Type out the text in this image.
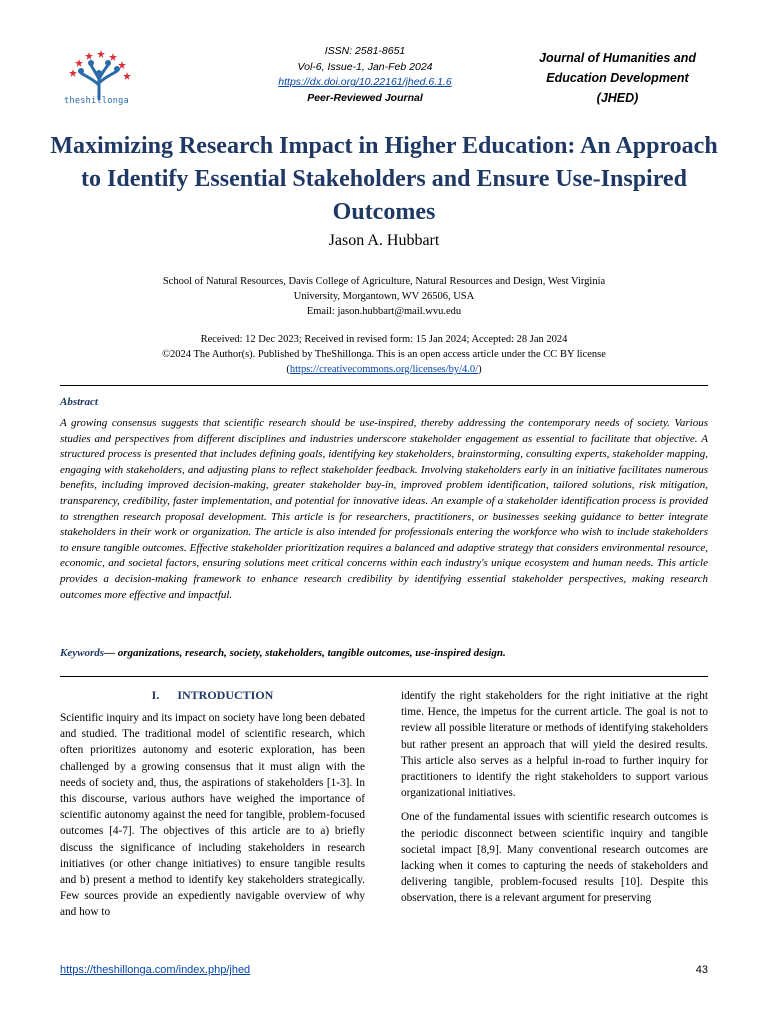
theshillonga
ISSN: 2581-8651
Vol-6, Issue-1, Jan-Feb 2024
https://dx.doi.org/10.22161/jhed.6.1.6
Peer-Reviewed Journal
Journal of Humanities and
Education Development
(JHED)
Maximizing Research Impact in Higher Education: An Approach to Identify Essential Stakeholders and Ensure Use-Inspired Outcomes
Jason A. Hubbart
School of Natural Resources, Davis College of Agriculture, Natural Resources and Design, West Virginia
University, Morgantown, WV 26506, USA
Email: jason.hubbart@mail.wvu.edu
Received: 12 Dec 2023; Received in revised form: 15 Jan 2024; Accepted: 28 Jan 2024
©2024 The Author(s). Published by TheShillonga. This is an open access article under the CC BY license
(https://creativecommons.org/licenses/by/4.0/)
Abstract
A growing consensus suggests that scientific research should be use-inspired, thereby addressing the contemporary needs of society. Various studies and perspectives from different disciplines and industries underscore stakeholder engagement as essential to facilitate that objective. A structured process is presented that includes defining goals, identifying key stakeholders, brainstorming, consulting experts, stakeholder mapping, engaging with stakeholders, and adjusting plans to reflect stakeholder feedback. Involving stakeholders early in an initiative facilitates numerous benefits, including improved decision-making, greater stakeholder buy-in, improved problem identification, tailored solutions, risk mitigation, transparency, credibility, faster implementation, and potential for innovative ideas. An example of a stakeholder identification process is provided to strengthen research proposal development. This article is for researchers, practitioners, or businesses seeking guidance to better integrate stakeholders in their work or organization. The article is also intended for professionals entering the workforce who wish to include stakeholders to ensure tangible outcomes. Effective stakeholder prioritization requires a balanced and adaptive strategy that considers environmental resource, economic, and societal factors, ensuring solutions meet critical concerns within each industry's unique ecosystem and human needs. This article provides a decision-making framework to enhance research credibility by identifying essential stakeholder perspectives, making research outcomes more effective and impactful.
Keywords— organizations, research, society, stakeholders, tangible outcomes, use-inspired design.
I. INTRODUCTION

Scientific inquiry and its impact on society have long been debated and studied. The traditional model of scientific research, which often prioritizes autonomy and esoteric exploration, has been challenged by a growing consensus that it must align with the needs of society and, thus, the aspirations of stakeholders [1-3]. In this discourse, various authors have weighed the importance of scientific autonomy against the need for tangible, problem-focused outcomes [4-7]. The objectives of this article are to a) briefly discuss the significance of including stakeholders in research initiatives (or other change initiatives) to ensure tangible results and b) present a method to identify key stakeholders strategically. Few sources provide an expediently navigable overview of why and how to

identify the right stakeholders for the right initiative at the right time. Hence, the impetus for the current article. The goal is not to review all possible literature or methods of identifying stakeholders but rather present an approach that will yield the desired results. This article also serves as a helpful in-road to further inquiry for practitioners to identify the right stakeholders to support various organizational initiatives.

One of the fundamental issues with scientific research outcomes is the periodic disconnect between scientific inquiry and tangible societal impact [8,9]. Many conventional research outcomes are lacking when it comes to capturing the needs of stakeholders and delivering tangible, problem-focused results [10]. Despite this observation, there is a relevant argument for preserving

https://theshillonga.com/index.php/jhed	43
